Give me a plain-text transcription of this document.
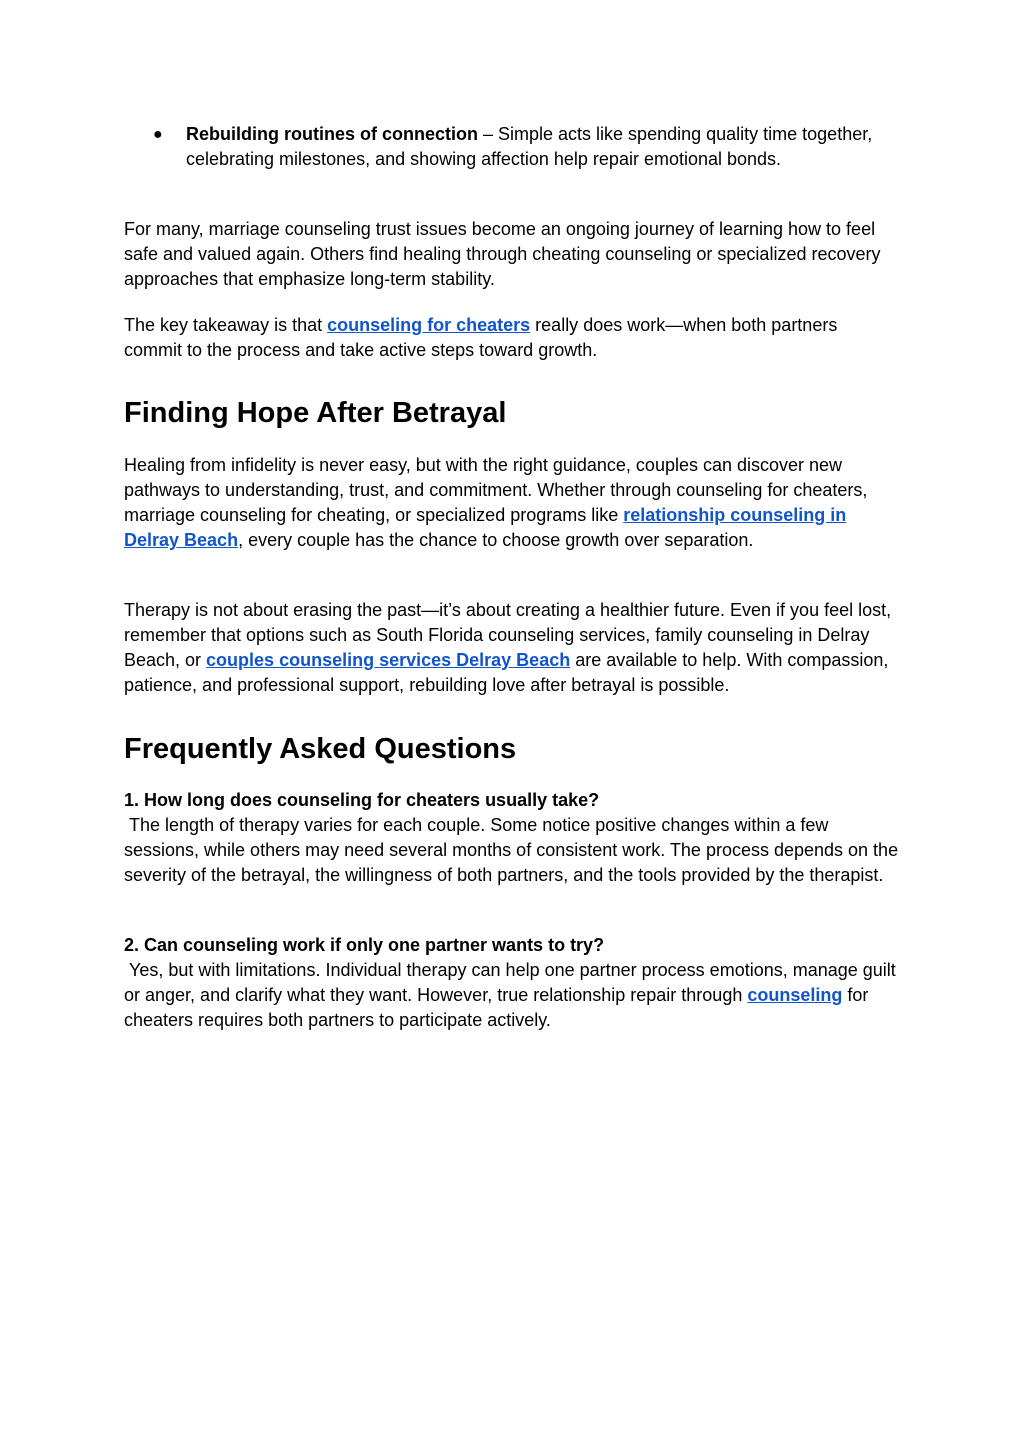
● Rebuilding routines of connection – Simple acts like spending quality time together, celebrating milestones, and showing affection help repair emotional bonds.
For many, marriage counseling trust issues become an ongoing journey of learning how to feel safe and valued again. Others find healing through cheating counseling or specialized recovery approaches that emphasize long-term stability.
The key takeaway is that counseling for cheaters really does work—when both partners commit to the process and take active steps toward growth.
Finding Hope After Betrayal
Healing from infidelity is never easy, but with the right guidance, couples can discover new pathways to understanding, trust, and commitment. Whether through counseling for cheaters, marriage counseling for cheating, or specialized programs like relationship counseling in Delray Beach, every couple has the chance to choose growth over separation.
Therapy is not about erasing the past—it’s about creating a healthier future. Even if you feel lost, remember that options such as South Florida counseling services, family counseling in Delray Beach, or couples counseling services Delray Beach are available to help. With compassion, patience, and professional support, rebuilding love after betrayal is possible.
Frequently Asked Questions
1. How long does counseling for cheaters usually take?
The length of therapy varies for each couple. Some notice positive changes within a few sessions, while others may need several months of consistent work. The process depends on the severity of the betrayal, the willingness of both partners, and the tools provided by the therapist.
2. Can counseling work if only one partner wants to try?
Yes, but with limitations. Individual therapy can help one partner process emotions, manage guilt or anger, and clarify what they want. However, true relationship repair through counseling for cheaters requires both partners to participate actively.
